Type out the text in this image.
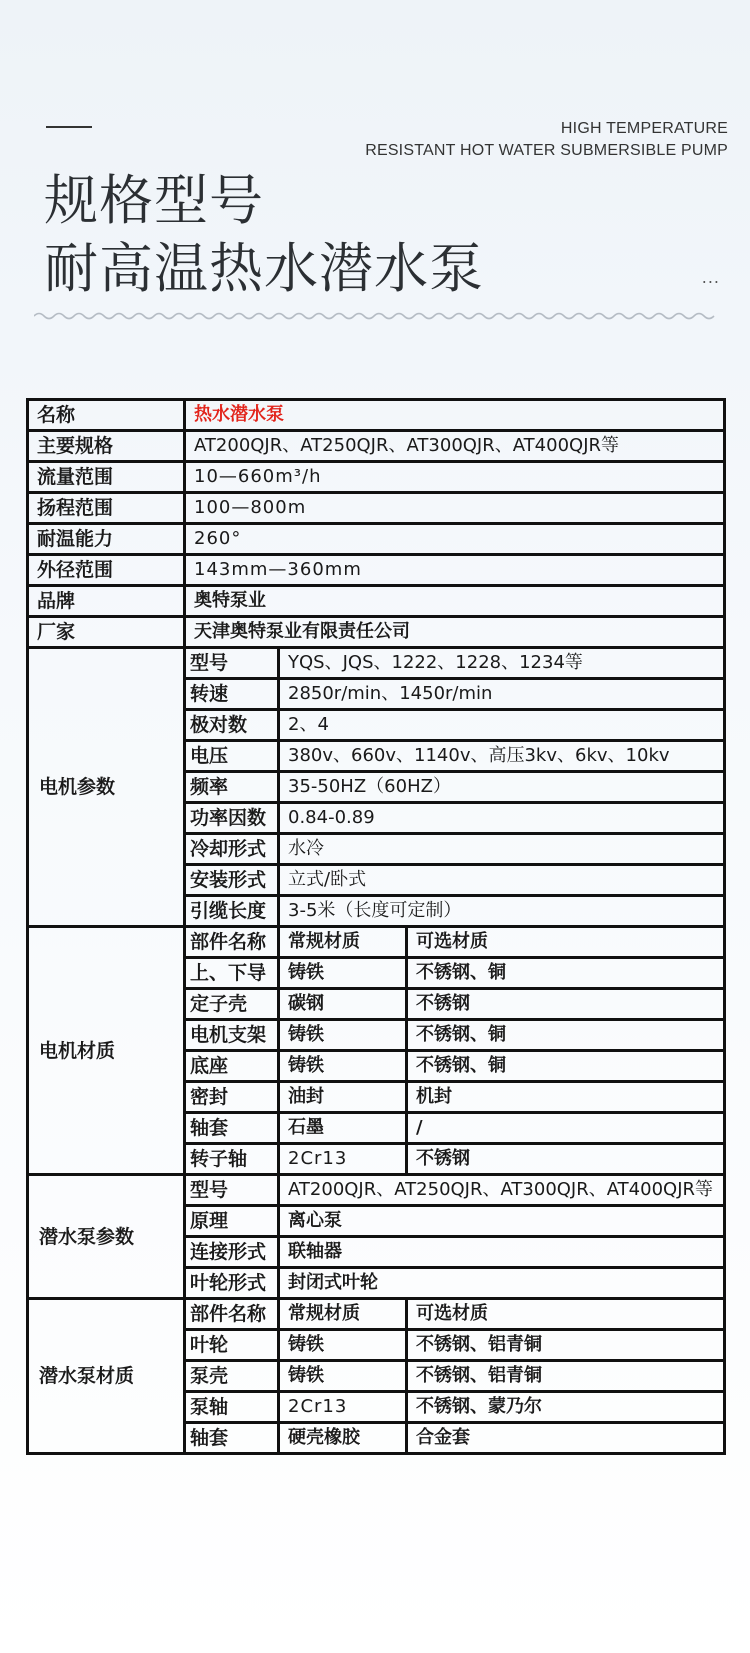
HIGH TEMPERATURE
RESISTANT HOT WATER SUBMERSIBLE PUMP
规格型号
耐高温热水潜水泵	...
名称	热水潜水泵		
主要规格	AT200QJR、AT250QJR、AT300QJR、AT400QJR等		
流量范围	10—660m³/h		
扬程范围	100—800m		
耐温能力	260°		
外径范围	143mm—360mm		
品牌	奥特泵业		
厂家	天津奥特泵业有限责任公司		
电机参数	型号	YQS、JQS、1222、1228、1234等	
	转速	2850r/min、1450r/min	
	极对数	2、4	
	电压	380v、660v、1140v、高压3kv、6kv、10kv	
	频率	35-50HZ（60HZ）	
	功率因数	0.84-0.89	
	冷却形式	水冷	
	安装形式	立式/卧式	
	引缆长度	3-5米（长度可定制）	
电机材质	部件名称	常规材质	可选材质
	上、下导	铸铁	不锈钢、铜
	定子壳	碳钢	不锈钢
	电机支架	铸铁	不锈钢、铜
	底座	铸铁	不锈钢、铜
	密封	油封	机封
	轴套	石墨	/
	转子轴	2Cr13	不锈钢
潜水泵参数	型号	AT200QJR、AT250QJR、AT300QJR、AT400QJR等	
	原理	离心泵	
	连接形式	联轴器	
	叶轮形式	封闭式叶轮	
潜水泵材质	部件名称	常规材质	可选材质
	叶轮	铸铁	不锈钢、铝青铜
	泵壳	铸铁	不锈钢、铝青铜
	泵轴	2Cr13	不锈钢、蒙乃尔
	轴套	硬壳橡胶	合金套
